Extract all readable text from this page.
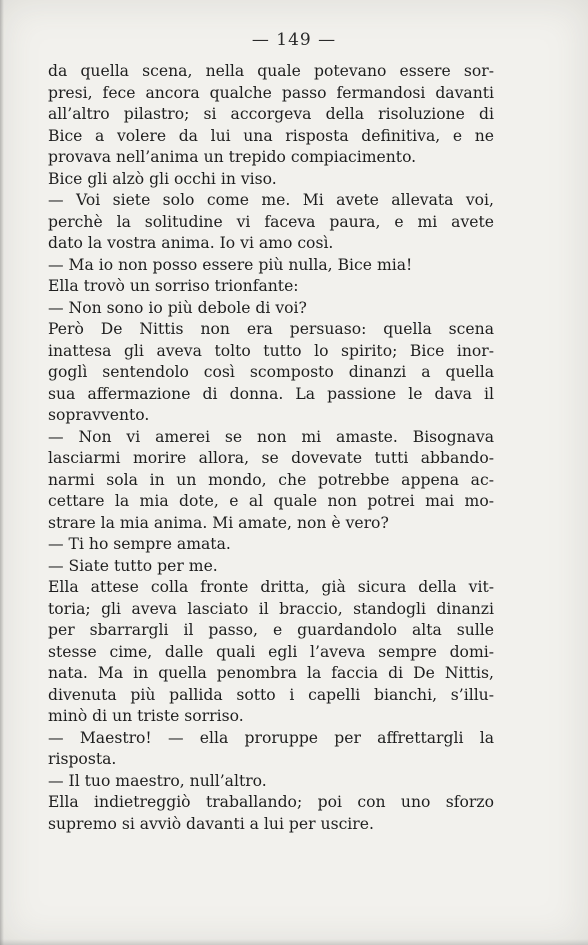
— 149 —
da quella scena, nella quale potevano essere sor-
presi, fece ancora qualche passo fermandosi davanti
all’altro pilastro; si accorgeva della risoluzione di
Bice a volere da lui una risposta definitiva, e ne
provava nell’anima un trepido compiacimento.
Bice gli alzò gli occhi in viso.
— Voi siete solo come me. Mi avete allevata voi,
perchè la solitudine vi faceva paura, e mi avete
dato la vostra anima. Io vi amo così.
— Ma io non posso essere più nulla, Bice mia!
Ella trovò un sorriso trionfante:
— Non sono io più debole di voi?
Però De Nittis non era persuaso: quella scena
inattesa gli aveva tolto tutto lo spirito; Bice inor-
goglì sentendolo così scomposto dinanzi a quella
sua affermazione di donna. La passione le dava il
sopravvento.
— Non vi amerei se non mi amaste. Bisognava
lasciarmi morire allora, se dovevate tutti abbando-
narmi sola in un mondo, che potrebbe appena ac-
cettare la mia dote, e al quale non potrei mai mo-
strare la mia anima. Mi amate, non è vero?
— Ti ho sempre amata.
— Siate tutto per me.
Ella attese colla fronte dritta, già sicura della vit-
toria; gli aveva lasciato il braccio, standogli dinanzi
per sbarrargli il passo, e guardandolo alta sulle
stesse cime, dalle quali egli l’aveva sempre domi-
nata. Ma in quella penombra la faccia di De Nittis,
divenuta più pallida sotto i capelli bianchi, s’illu-
minò di un triste sorriso.
— Maestro! — ella proruppe per affrettargli la
risposta.
— Il tuo maestro, null’altro.
Ella indietreggiò traballando; poi con uno sforzo
supremo si avviò davanti a lui per uscire.
